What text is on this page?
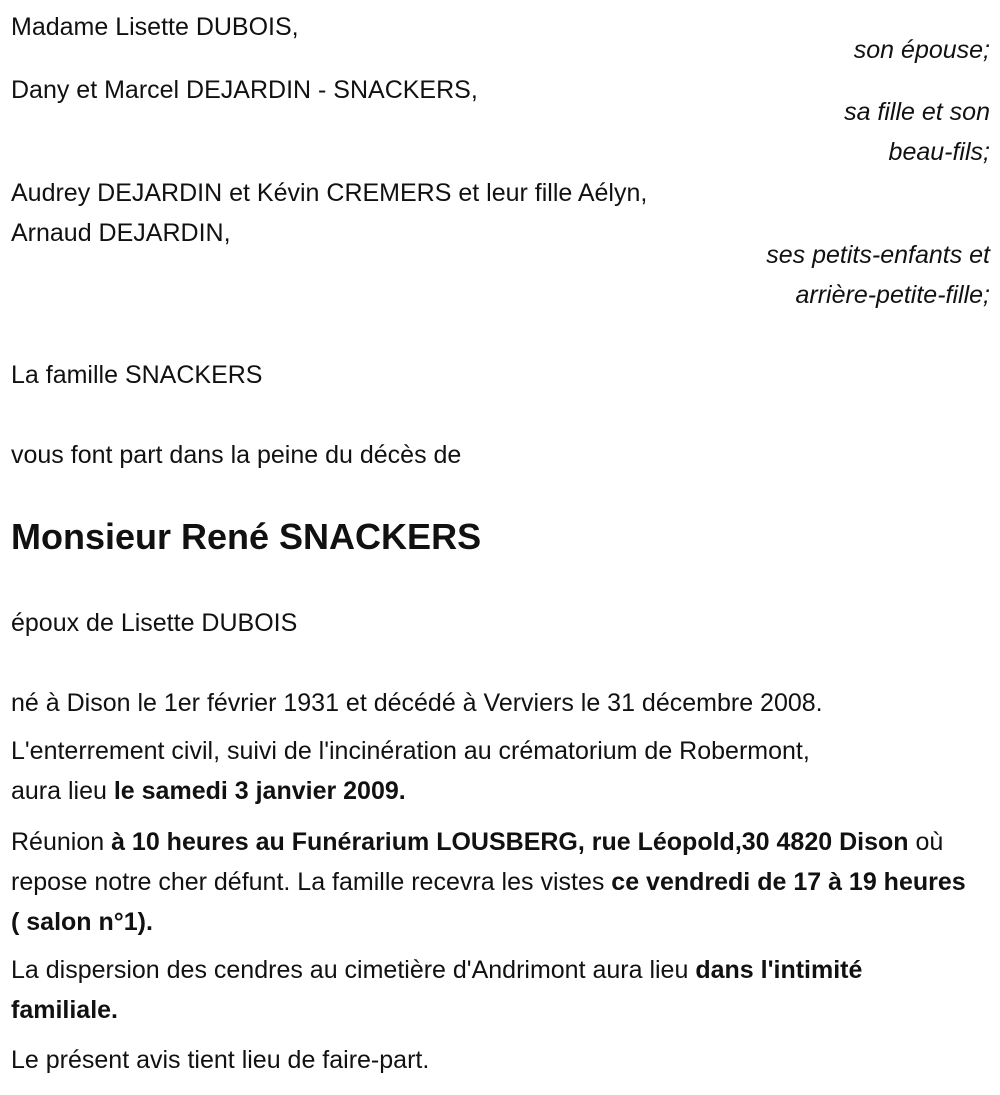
Madame Lisette DUBOIS,
son épouse;
Dany et Marcel DEJARDIN - SNACKERS,
sa fille et son beau-fils;
Audrey DEJARDIN et Kévin CREMERS et leur fille Aélyn,
Arnaud DEJARDIN,
ses petits-enfants et arrière-petite-fille;
La famille SNACKERS
vous font part dans la peine du décès de
Monsieur René SNACKERS
époux de Lisette DUBOIS
né à Dison le 1er février 1931 et décédé à Verviers le 31 décembre 2008.
L'enterrement civil, suivi de l'incinération au crématorium de Robermont, aura lieu le samedi 3 janvier 2009.
Réunion à 10 heures au Funérarium LOUSBERG, rue Léopold,30 4820 Dison où repose notre cher défunt. La famille recevra les vistes ce vendredi de 17 à 19 heures ( salon n°1).
La dispersion des cendres au cimetière d'Andrimont aura lieu dans l'intimité familiale.
Le présent avis tient lieu de faire-part.
